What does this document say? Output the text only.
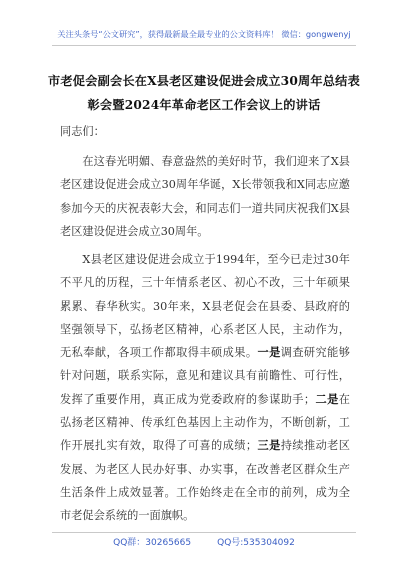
关注头条号“公文研究”，获得最新最全最专业的公文资料库！ 微信：gongwenyj
市老促会副会长在X县老区建设促进会成立30周年总结表
彰会暨2024年革命老区工作会议上的讲话
同志们：
在这春光明媚、春意盎然的美好时节，我们迎来了X县老区建设促进会成立30周年华诞，X长带领我和X同志应邀参加今天的庆祝表彰大会，和同志们一道共同庆祝我们X县老区建设促进会成立30周年。
X县老区建设促进会成立于1994年，至今已走过30年不平凡的历程，三十年情系老区、初心不改，三十年硕果累累、春华秋实。30年来，X县老促会在县委、县政府的坚强领导下，弘扬老区精神，心系老区人民，主动作为，无私奉献，各项工作都取得丰硕成果。一是调查研究能够针对问题，联系实际，意见和建议具有前瞻性、可行性，发挥了重要作用，真正成为党委政府的参谋助手；二是在弘扬老区精神、传承红色基因上主动作为，不断创新，工作开展扎实有效，取得了可喜的成绩；三是持续推动老区发展、为老区人民办好事、办实事，在改善老区群众生产生活条件上成效显著。工作始终走在全市的前列，成为全市老促会系统的一面旗帜。
QQ群：30265665	QQ号:535304092
